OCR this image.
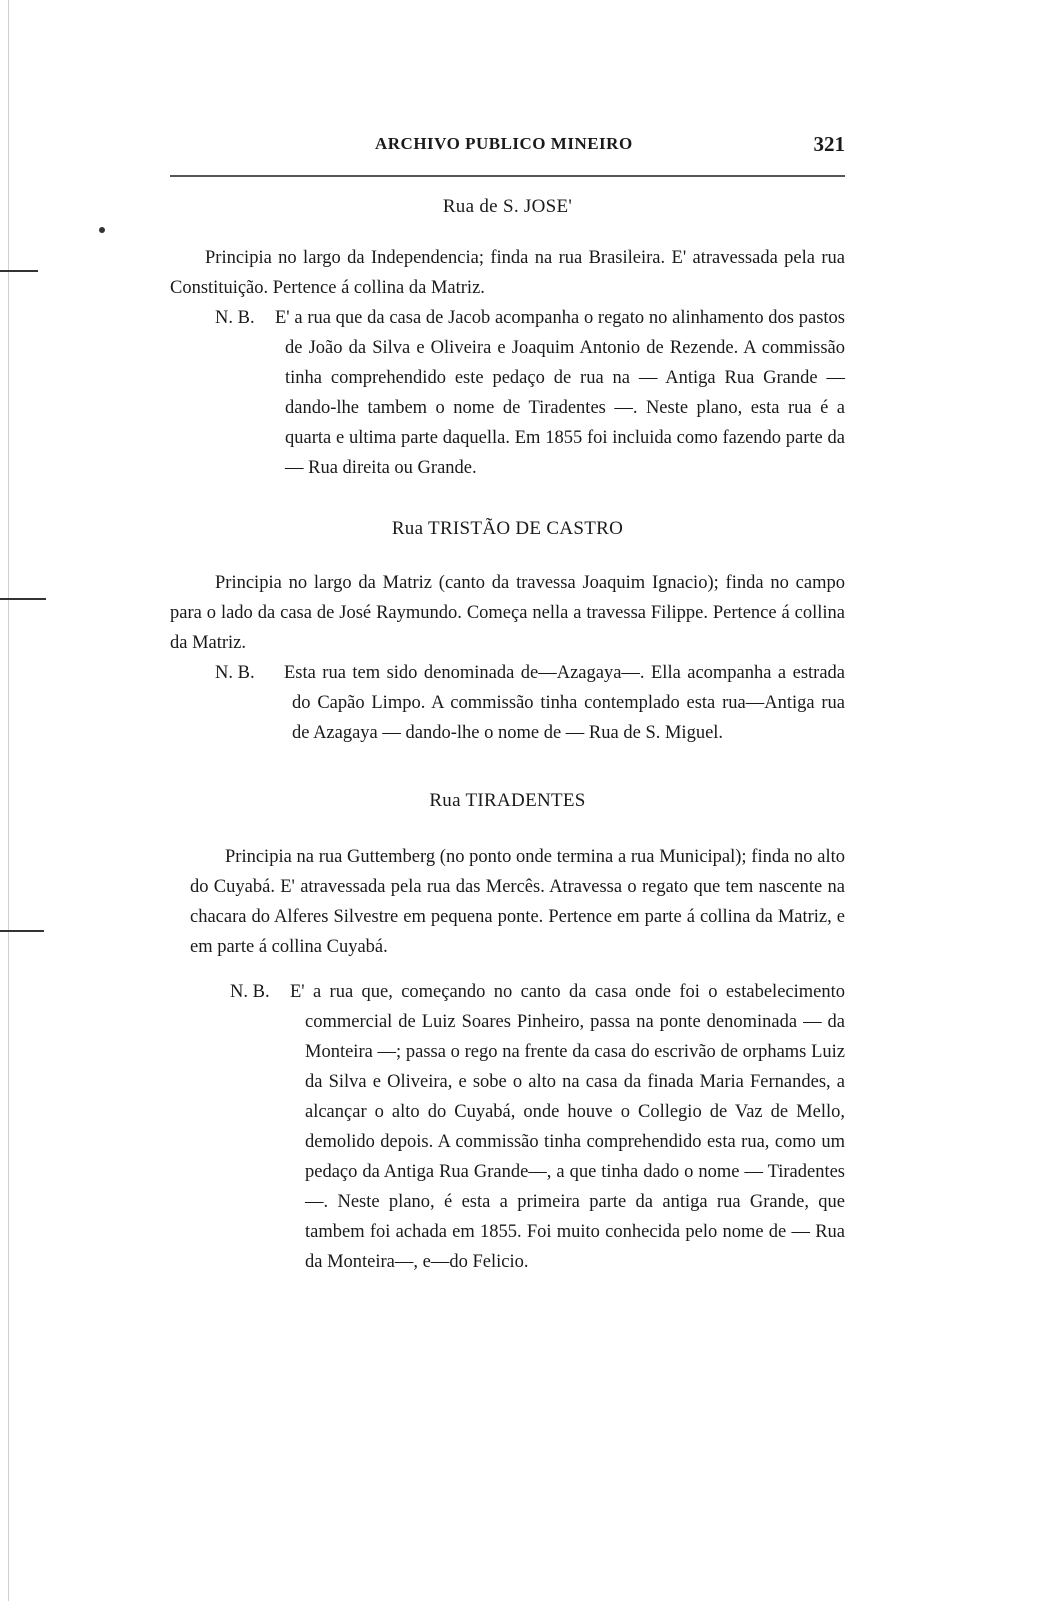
ARCHIVO PUBLICO MINEIRO	321
Rua de S. JOSE'

Principia no largo da Independencia; finda na rua Brasileira. E' atravessada pela rua Constituição. Pertence á collina da Matriz.

N. B. E' a rua que da casa de Jacob acompanha o regato no alinhamento dos pastos de João da Silva e Oliveira e Joaquim Antonio de Rezende. A commissão tinha comprehendido este pedaço de rua na — Antiga Rua Grande — dando-lhe tambem o nome de Tiradentes —. Neste plano, esta rua é a quarta e ultima parte daquella. Em 1855 foi incluida como fazendo parte da — Rua direita ou Grande.

Rua TRISTÃO DE CASTRO

Principia no largo da Matriz (canto da travessa Joaquim Ignacio); finda no campo para o lado da casa de José Raymundo. Começa nella a travessa Filippe. Pertence á collina da Matriz.

N. B. Esta rua tem sido denominada de—Azagaya—. Ella acompanha a estrada do Capão Limpo. A commissão tinha contemplado esta rua—Antiga rua de Azagaya — dando-lhe o nome de — Rua de S. Miguel.

Rua TIRADENTES

Principia na rua Guttemberg (no ponto onde termina a rua Municipal); finda no alto do Cuyabá. E' atravessada pela rua das Mercês. Atravessa o regato que tem nascente na chacara do Alferes Silvestre em pequena ponte. Pertence em parte á collina da Matriz, e em parte á collina Cuyabá.

N. B. E' a rua que, começando no canto da casa onde foi o estabelecimento commercial de Luiz Soares Pinheiro, passa na ponte denominada — da Monteira —; passa o rego na frente da casa do escrivão de orphams Luiz da Silva e Oliveira, e sobe o alto na casa da finada Maria Fernandes, a alcançar o alto do Cuyabá, onde houve o Collegio de Vaz de Mello, demolido depois. A commissão tinha comprehendido esta rua, como um pedaço da Antiga Rua Grande—, a que tinha dado o nome — Tiradentes —. Neste plano, é esta a primeira parte da antiga rua Grande, que tambem foi achada em 1855. Foi muito conhecida pelo nome de — Rua da Monteira—, e—do Felicio.
